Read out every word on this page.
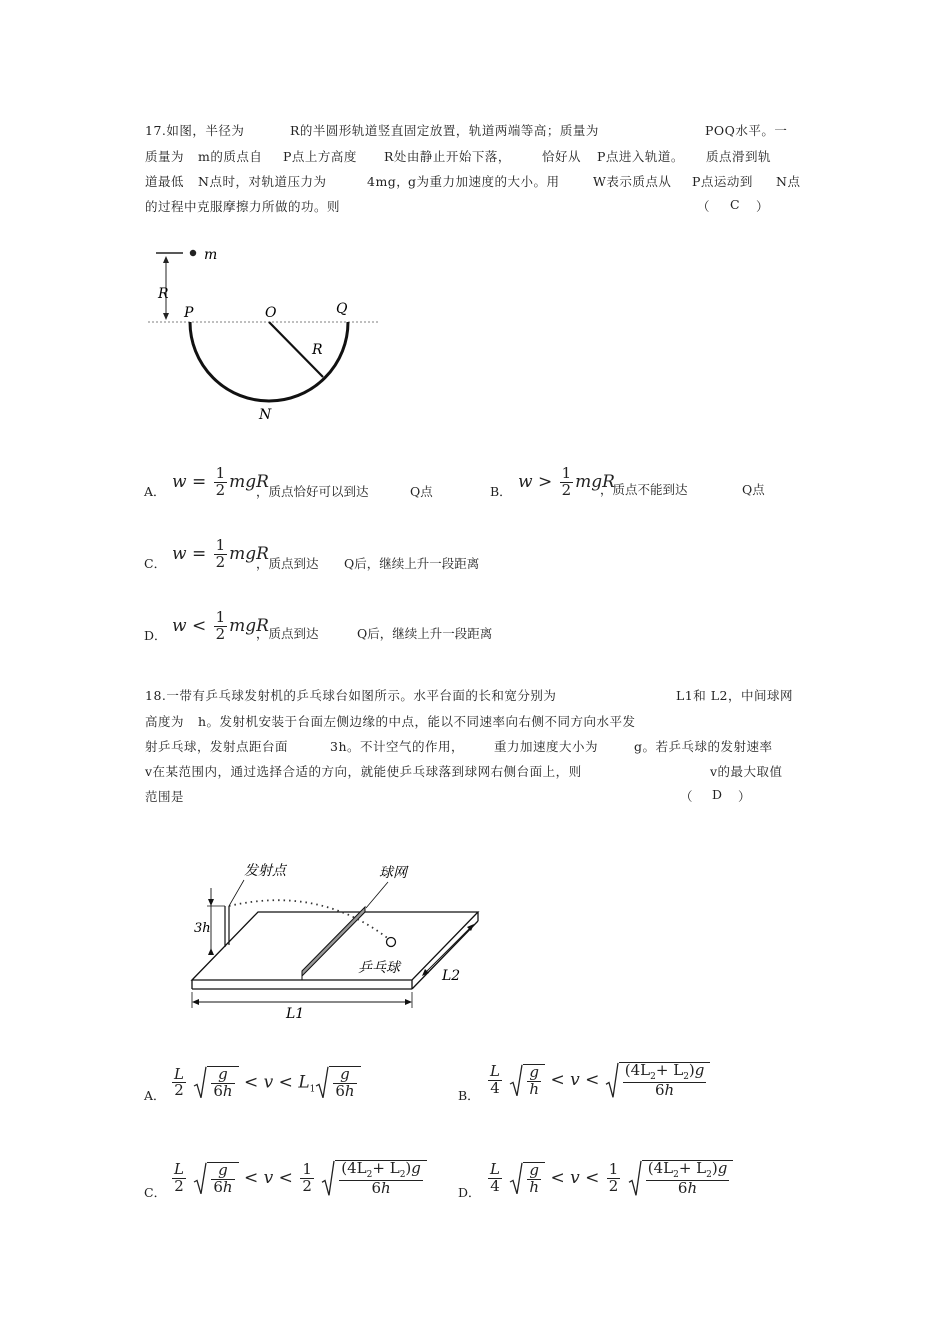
17.如图，半径为	R的半圆形轨道竖直固定放置，轨道两端等高；质量为	POQ水平。一
质量为 m的质点自 P点上方高度 R处由静止开始下落， 恰好从 P点进入轨道。 质点滑到轨
道最低 N点时，对轨道压力为	4mg，
g为重力加速度的大小。用	W表示质点从 P点运动到 N点
的过程中克服摩擦力所做的功。则	（ C ）
m
R
P	O	Q
R
N
A． $w = \frac{1}{2}$ mgR
，质点恰好可以到达	Q点	B． $w > \frac{1}{2}$ mgR
，质点不能到达	Q点
C． $w = \frac{1}{2}$ mgR
，质点到达 Q后，继续上升一段距离
D． $w < \frac{1}{2}$ mgR
，质点到达	Q后，继续上升一段距离
18.一带有乒乓球发射机的乒乓球台如图所示。水平台面的长和宽分别为	L1和 L2，中间球网
高度为 h。发射机安装于台面左侧边缘的中点，能以不同速率向右侧不同方向水平发
射乒乓球，发射点距台面	3h。不计空气的作用， 重力加速度大小为	g。若乒乓球的发射速率
v在某范围内，通过选择合适的方向，就能使乒乓球落到球网右侧台面上，则	v的最大取值
范围是	（ D ）
3h
发射点	球网
乒乓球
L1
L2
A． $\frac{L}{2}$
$\frac{g}{6h} < v < L_1 \frac{g}{6h}$	B． $\frac{L}{4}$
$\frac{g}{h} < v < \frac{(4L_2+ L_2)g}{6h}$
C． $\frac{L}{2}$
$\frac{g}{6h} < v < \frac{1}{2}$
$\frac{(4L_2+ L_2)g}{6h}$	D． $\frac{L}{4}$
$\frac{g}{h} < v < \frac{1}{2}$
$\frac{(4L_2+ L_2)g}{6h}$
